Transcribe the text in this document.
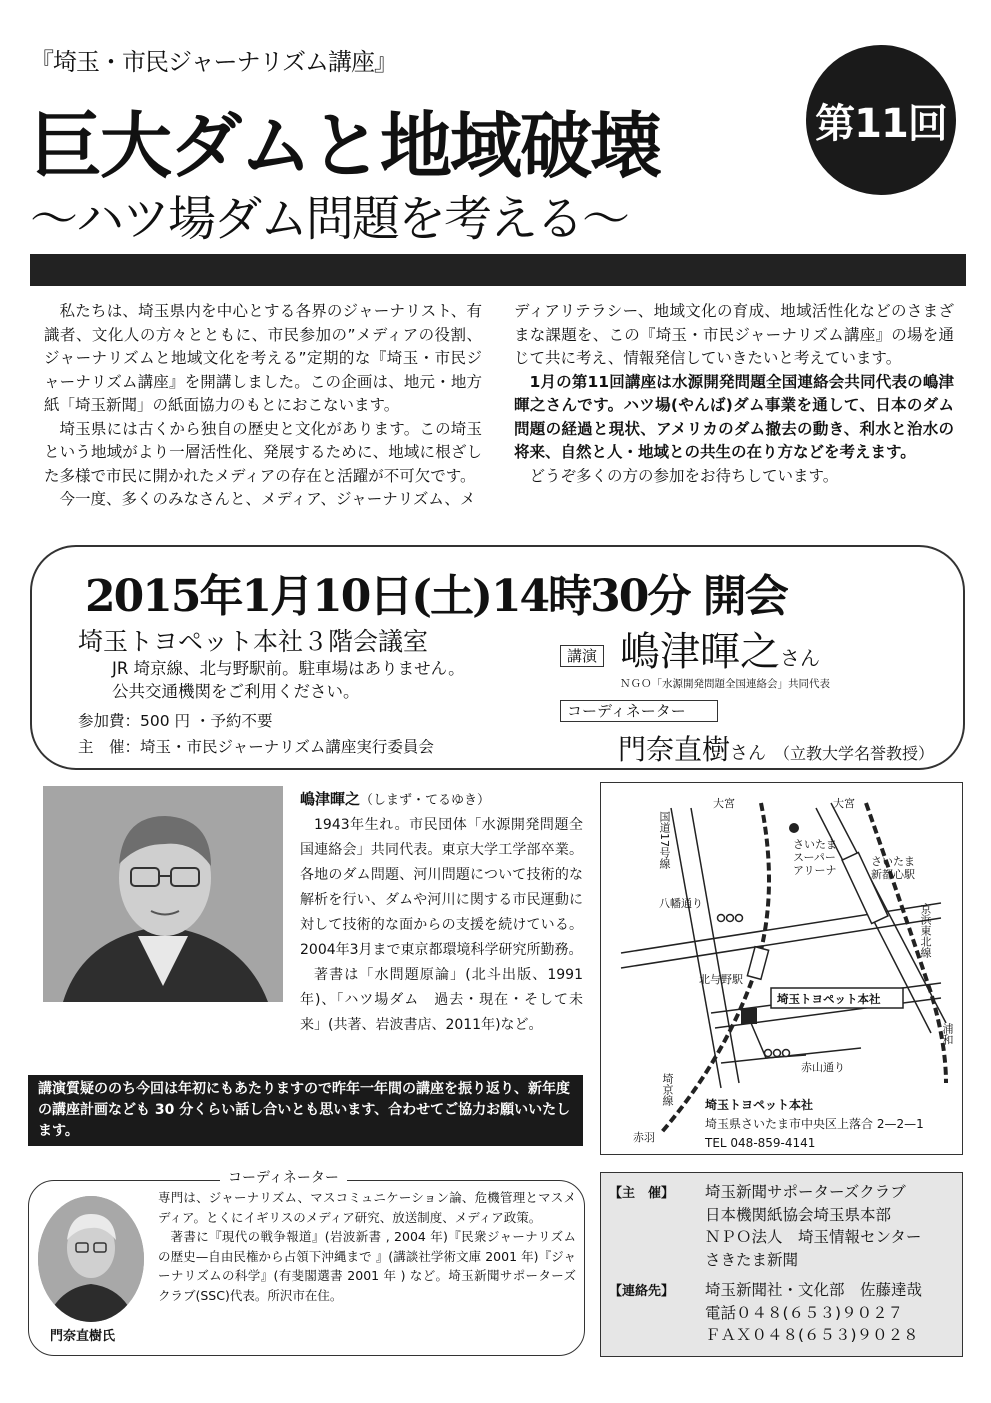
『埼玉・市民ジャーナリズム講座』
巨大ダムと地域破壊
〜ハツ場ダム問題を考える〜
第11回

私たちは、埼玉県内を中心とする各界のジャーナリスト、有識者、文化人の方々とともに、市民参加の”メディアの役割、ジャーナリズムと地域文化を考える”定期的な『埼玉・市民ジャーナリズム講座』を開講しました。この企画は、地元・地方紙「埼玉新聞」の紙面協力のもとにおこないます。

埼玉県には古くから独自の歴史と文化があります。この埼玉という地域がより一層活性化、発展するために、地域に根ざした多様で市民に開かれたメディアの存在と活躍が不可欠です。

今一度、多くのみなさんと、メディア、ジャーナリズム、メ

ディアリテラシー、地域文化の育成、地域活性化などのさまざまな課題を、この『埼玉・市民ジャーナリズム講座』の場を通じて共に考え、情報発信していきたいと考えています。

1月の第11回講座は水源開発問題全国連絡会共同代表の嶋津暉之さんです。ハツ場(やんば)ダム事業を通して、日本のダム問題の経過と現状、アメリカのダム撤去の動き、利水と治水の将来、自然と人・地域との共生の在り方などを考えます。

どうぞ多くの方の参加をお待ちしています。

2015年1月10日(土)14時30分 開会
埼玉トヨペット本社３階会議室
JR 埼京線、北与野駅前。駐車場はありません。
公共交通機関をご利用ください。
参加費：500 円 ・予約不要
主　催：埼玉・市民ジャーナリズム講座実行委員会
講演 嶋津暉之さん
ＮＧＯ「水源開発問題全国連絡会」共同代表
コーディネーター
門奈直樹さん （立教大学名誉教授）

嶋津暉之（しまず・てるゆき）

1943年生れ。市民団体「水源開発問題全国連絡会」共同代表。東京大学工学部卒業。各地のダム問題、河川問題について技術的な解析を行い、ダムや河川に関する市民運動に対して技術的な面からの支援を続けている。2004年3月まで東京都環境科学研究所勤務。

著書は「水問題原論」(北斗出版、1991年)、「ハツ場ダム　過去・現在・そして未来」(共著、岩波書店、2011年)など。

講演質疑ののち今回は年初にもあたりますので昨年一年間の講座を振り返り、新年度の講座計画なども 30 分くらい話し合いとも思います、合わせてご協力お願いいたします。
大宮	大宮
国道17号線	さいたま
スーパー
アリーナ
さいたま
新都心駅
八幡通り	京浜東北線
北与野駅
埼玉トヨペット本社
浦和
赤山通り
埼京線
赤羽
埼玉トヨペット本社
埼玉県さいたま市中央区上落合 2—2—1
TEL 048-859-4141
コーディネーター
門奈直樹氏

専門は、ジャーナリズム、マスコミュニケーション論、危機管理とマスメディア。とくにイギリスのメディア研究、放送制度、メディア政策。

著書に『現代の戦争報道』(岩波新書 , 2004 年)『民衆ジャーナリズムの歴史—自由民権から占領下沖縄まで 』(講談社学術文庫 2001 年)『ジャーナリズムの科学』(有斐閣選書 2001 年 ) など。埼玉新聞サポーターズクラブ(SSC)代表。所沢市在住。

【主　催】 埼玉新聞サポーターズクラブ
日本機関紙協会埼玉県本部
ＮＰＯ法人　埼玉情報センター
さきたま新聞
【連絡先】 埼玉新聞社・文化部　佐藤達哉
電話０４８(６５３)９０２７
ＦＡＸ０４８(６５３)９０２８
